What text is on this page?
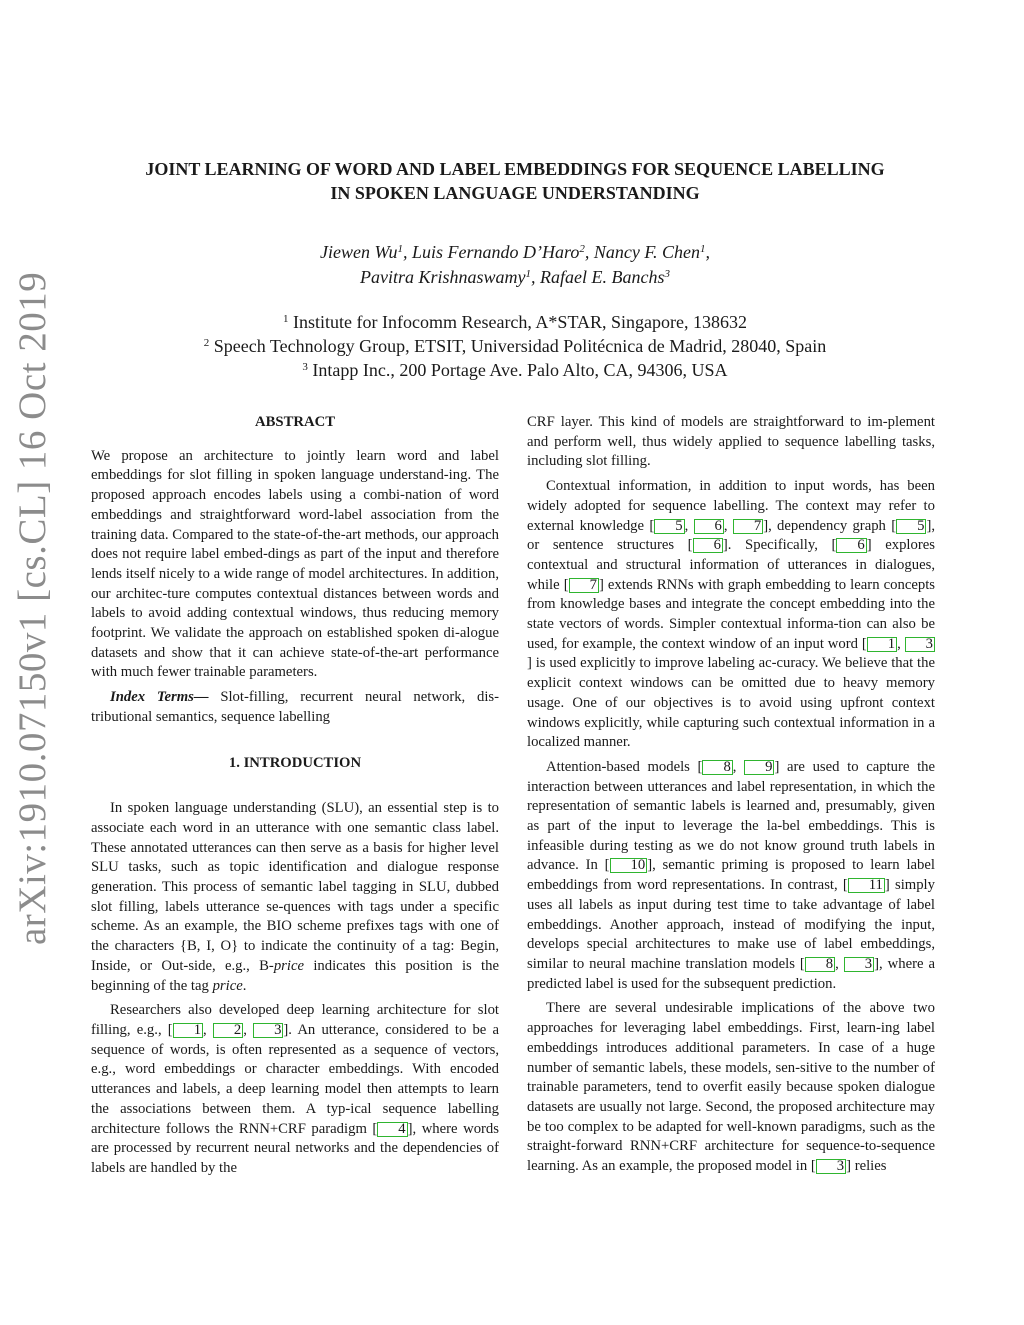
arXiv:1910.07150v1 [cs.CL] 16 Oct 2019
JOINT LEARNING OF WORD AND LABEL EMBEDDINGS FOR SEQUENCE LABELLING
IN SPOKEN LANGUAGE UNDERSTANDING
Jiewen Wu$^1$, Luis Fernando D’Haro$^2$, Nancy F. Chen$^1$,
Pavitra Krishnaswamy$^1$, Rafael E. Banchs$^3$
$^1$ Institute for Infocomm Research, A*STAR, Singapore, 138632
$^2$ Speech Technology Group, ETSIT, Universidad Politécnica de Madrid, 28040, Spain
$^3$ Intapp Inc., 200 Portage Ave. Palo Alto, CA, 94306, USA
ABSTRACT

We propose an architecture to jointly learn word and label embeddings for slot filling in spoken language understand-ing. The proposed approach encodes labels using a combi-nation of word embeddings and straightforward word-label association from the training data. Compared to the state-of-the-art methods, our approach does not require label embed-dings as part of the input and therefore lends itself nicely to a wide range of model architectures. In addition, our architec-ture computes contextual distances between words and labels to avoid adding contextual windows, thus reducing memory footprint. We validate the approach on established spoken di-alogue datasets and show that it can achieve state-of-the-art performance with much fewer trainable parameters.

Index Terms— Slot-filling, recurrent neural network, dis-tributional semantics, sequence labelling

1. INTRODUCTION

In spoken language understanding (SLU), an essential step is to associate each word in an utterance with one semantic class label. These annotated utterances can then serve as a basis for higher level SLU tasks, such as topic identification and dialogue response generation. This process of semantic label tagging in SLU, dubbed slot filling, labels utterance se-quences with tags under a specific scheme. As an example, the BIO scheme prefixes tags with one of the characters {B, I, O} to indicate the continuity of a tag: Begin, Inside, or Out-side, e.g., B-price indicates this position is the beginning of the tag price.

Researchers also developed deep learning architecture for slot filling, e.g., [ 1 , 2 , 3 ]. An utterance, considered to be a sequence of words, is often represented as a sequence of vectors, e.g., word embeddings or character embeddings. With encoded utterances and labels, a deep learning model then attempts to learn the associations between them. A typ-ical sequence labelling architecture follows the RNN+CRF paradigm [ 4 ], where words are processed by recurrent neural networks and the dependencies of labels are handled by the

CRF layer. This kind of models are straightforward to im-plement and perform well, thus widely applied to sequence labelling tasks, including slot filling.

Contextual information, in addition to input words, has been widely adopted for sequence labelling. The context may refer to external knowledge [ 5 , 6 , 7 ], dependency graph [ 5 ], or sentence structures [ 6 ]. Specifically, [ 6 ] explores contextual and structural information of utterances in dialogues, while [ 7 ] extends RNNs with graph embedding to learn concepts from knowledge bases and integrate the concept embedding into the state vectors of words. Simpler contextual informa-tion can also be used, for example, the context window of an input word [ 1 , 3] is used explicitly to improve labeling ac-curacy. We believe that the explicit context windows can be omitted due to heavy memory usage. One of our objectives is to avoid using upfront context windows explicitly, while capturing such contextual information in a localized manner.

Attention-based models [ 8 , 9 ] are used to capture the interaction between utterances and label representation, in which the representation of semantic labels is learned and, presumably, given as part of the input to leverage the la-bel embeddings. This is infeasible during testing as we do not know ground truth labels in advance. In [ 10 ], semantic priming is proposed to learn label embeddings from word representations. In contrast, [ 11 ] simply uses all labels as input during test time to take advantage of label embeddings. Another approach, instead of modifying the input, develops special architectures to make use of label embeddings, similar to neural machine translation models [ 8 , 3 ], where a predicted label is used for the subsequent prediction.

There are several undesirable implications of the above two approaches for leveraging label embeddings. First, learn-ing label embeddings introduces additional parameters. In case of a huge number of semantic labels, these models, sen-sitive to the number of trainable parameters, tend to overfit easily because spoken dialogue datasets are usually not large. Second, the proposed architecture may be too complex to be adapted for well-known paradigms, such as the straight-forward RNN+CRF architecture for sequence-to-sequence learning. As an example, the proposed model in [ 3 ] relies
